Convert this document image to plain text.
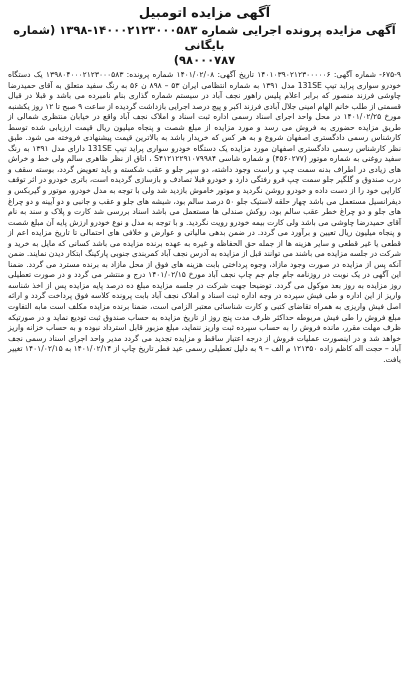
آگهی مزایده اتومبیل
آگهی مزایده پرونده اجرایی شماره ۱۴۰۰۰۲۱۲۳۰۰۰۵۸۳-۱۳۹۸ (شماره بایگانی
(۹۸۰۰۰۷۸۷

۶۷۵-۹- شماره آگهی: ۱۴۰۱۰۳۹۰۲۱۲۳۰۰۰۰۰۶ تاریخ آگهی: ۱۴۰۱/۰۲/۰۸ شماره پرونده: ۱۳۹۸۰۴۰۰۰۲۱۲۳۰۰۰۵۸۳ یک دستگاه خودرو سواری پراید تیپ 131SE مدل ۱۳۹۱ به شماره انتظامی ایران ۵۳ – ۸۹۸ ن ۵۶ به رنگ سفید متعلق به آقای حمیدرضا چاوشی فرزند منصور که برابر اعلام پلیس راهور نجف آباد در سیستم شماره گذاری بنام نامبرده می باشد و قبلا در قبال قسمتی از طلب خانم الهام امینی جلال آبادی فرزند اکبر و پیج درصد اجرایی بازداشت گردیده از ساعت ۹ صبح تا ۱۲ روز یکشنبه مورخ ۱۴۰۱/۰۲/۲۵ در محل واحد اجرای اسناد رسمی اداره ثبت اسناد و املاک نجف آباد واقع در خیابان منتظری شمالی از طریق مزایده حضوری به فروش می رسد و مورد مزایده از مبلغ شصت و پنجاه میلیون ریال قیمت ارزیابی شده توسط کارشناس رسمی دادگستری اصفهان شروع و به هر کس که خریدار باشد به بالاترین قیمت پیشنهادی فروخته می شود. طبق نظر کارشناس رسمی دادگستری اصفهان مورد مزایده یک دستگاه خودرو سواری پراید تیپ 131SE دارای مدل ۱۳۹۱ به رنگ سفید روغنی به شماره موتور (۴۵۶۰۲۷۷) و شماره شاسی S۴۱۲۱۲۲۹۱۰۷۹۹۸۴ ، اتاق از نظر ظاهری سالم ولی خط و خراش های زیادی در اطراف بدنه سمت چپ و راست وجود داشته، دو سپر جلو و عقب شکسته و باید تعویض گردد، بوسته سقف و درب صندوق و گلگیر جلو سمت چپ فرو رفتگی دارد و خودرو قبلا تصادف و بازسازی گردیده است، باتری خودرو در اثر توقف کارایی خود را از دست داده و خودرو روشن نگردید و موتور خاموش بازدید شد ولی با توجه به مدل خودرو، موتور و گیربکس و دیفرانسیل مستعمل می باشد چهار حلقه لاستیک جلو ۵۰ درصد سالم بود، شیشه های جلو و عقب و جانبی و دو آیینه و دو چراغ های جلو و دو چراغ خطر عقب سالم بود، روکش صندلی ها مستعمل می باشد اسناد بررسی شد کارت و پلاک و سند به نام آقای حمیدرضا چاوشی می باشد ولی کارت بیمه خودرو رویت نگردید. و با توجه به مدل و نوع خودرو ارزش پایه آن مبلغ شصت و پنجاه میلیون ریال تعیین و برآورد می گردد. در ضمن بدهی مالیاتی و عوارض و خلافی های احتمالی تا تاریخ مزایده اعم از قطعی یا غیر قطعی و سایر هزینه ها از جمله حق الحفاظه و غیره به عهده برنده مزایده می باشد کسانی که مایل به خرید و شرکت در جلسه مزایده می باشند می توانند قبل از مزایده به آدرس نجف آباد کمربندی جنوبی پارکینگ ابتکار دیدن نمایند. ضمن آنکه پس از مزایده در صورت وجود مازاد، وجوه پرداختی بابت هزینه های فوق از محل مازاد به برنده مسترد می گردد. ضمنا این آگهی در یک نوبت در روزنامه جام جام جم چاپ نجف آباد مورخ ۱۴۰۱/۰۲/۱۵ درج و منتشر می گردد و در صورت تعطیلی روز مزایده به روز بعد موکول می گردد. توضیحا جهت شرکت در جلسه مزایده مبلغ ده درصد پایه مزایده پس از اخذ شناسه واریز از این اداره و طی فیش سپرده در وجه اداره ثبت اسناد و املاک نجف آباد بابت پرونده کلاسه فوق پرداخت گردد و ارائه اصل فیش واریزی به همراه تقاضای کتبی و کارت شناسائی معتبر الزامی است، ضمنا برنده مزایده مکلف است مابه التفاوت مبلغ فروش را طی فیش مربوطه حداکثر ظرف مدت پنج روز از تاریخ مزایده به حساب صندوق ثبت تودیع نماید و در صورتیکه ظرف مهلت مقرر، مانده فروش را به حساب سپرده ثبت واریز ننماید، مبلغ مزبور قابل استرداد نبوده و به حساب خزانه واریز خواهد شد و در اینصورت عملیات فروش از درجه اعتبار ساقط و مزایده تجدید می گردد مدیر واحد اجرای اسناد رسمی نجف آباد – حجت اله کاظم زاده ۱۲۱۳۵۰ م الف – ۹ به دلیل تعطیلی رسمی عید فطر تاریخ چاپ از ۱۴۰۱/۰۲/۱۴ به ۱۴۰۱/۰۲/۱۵ تغییر یافت.
